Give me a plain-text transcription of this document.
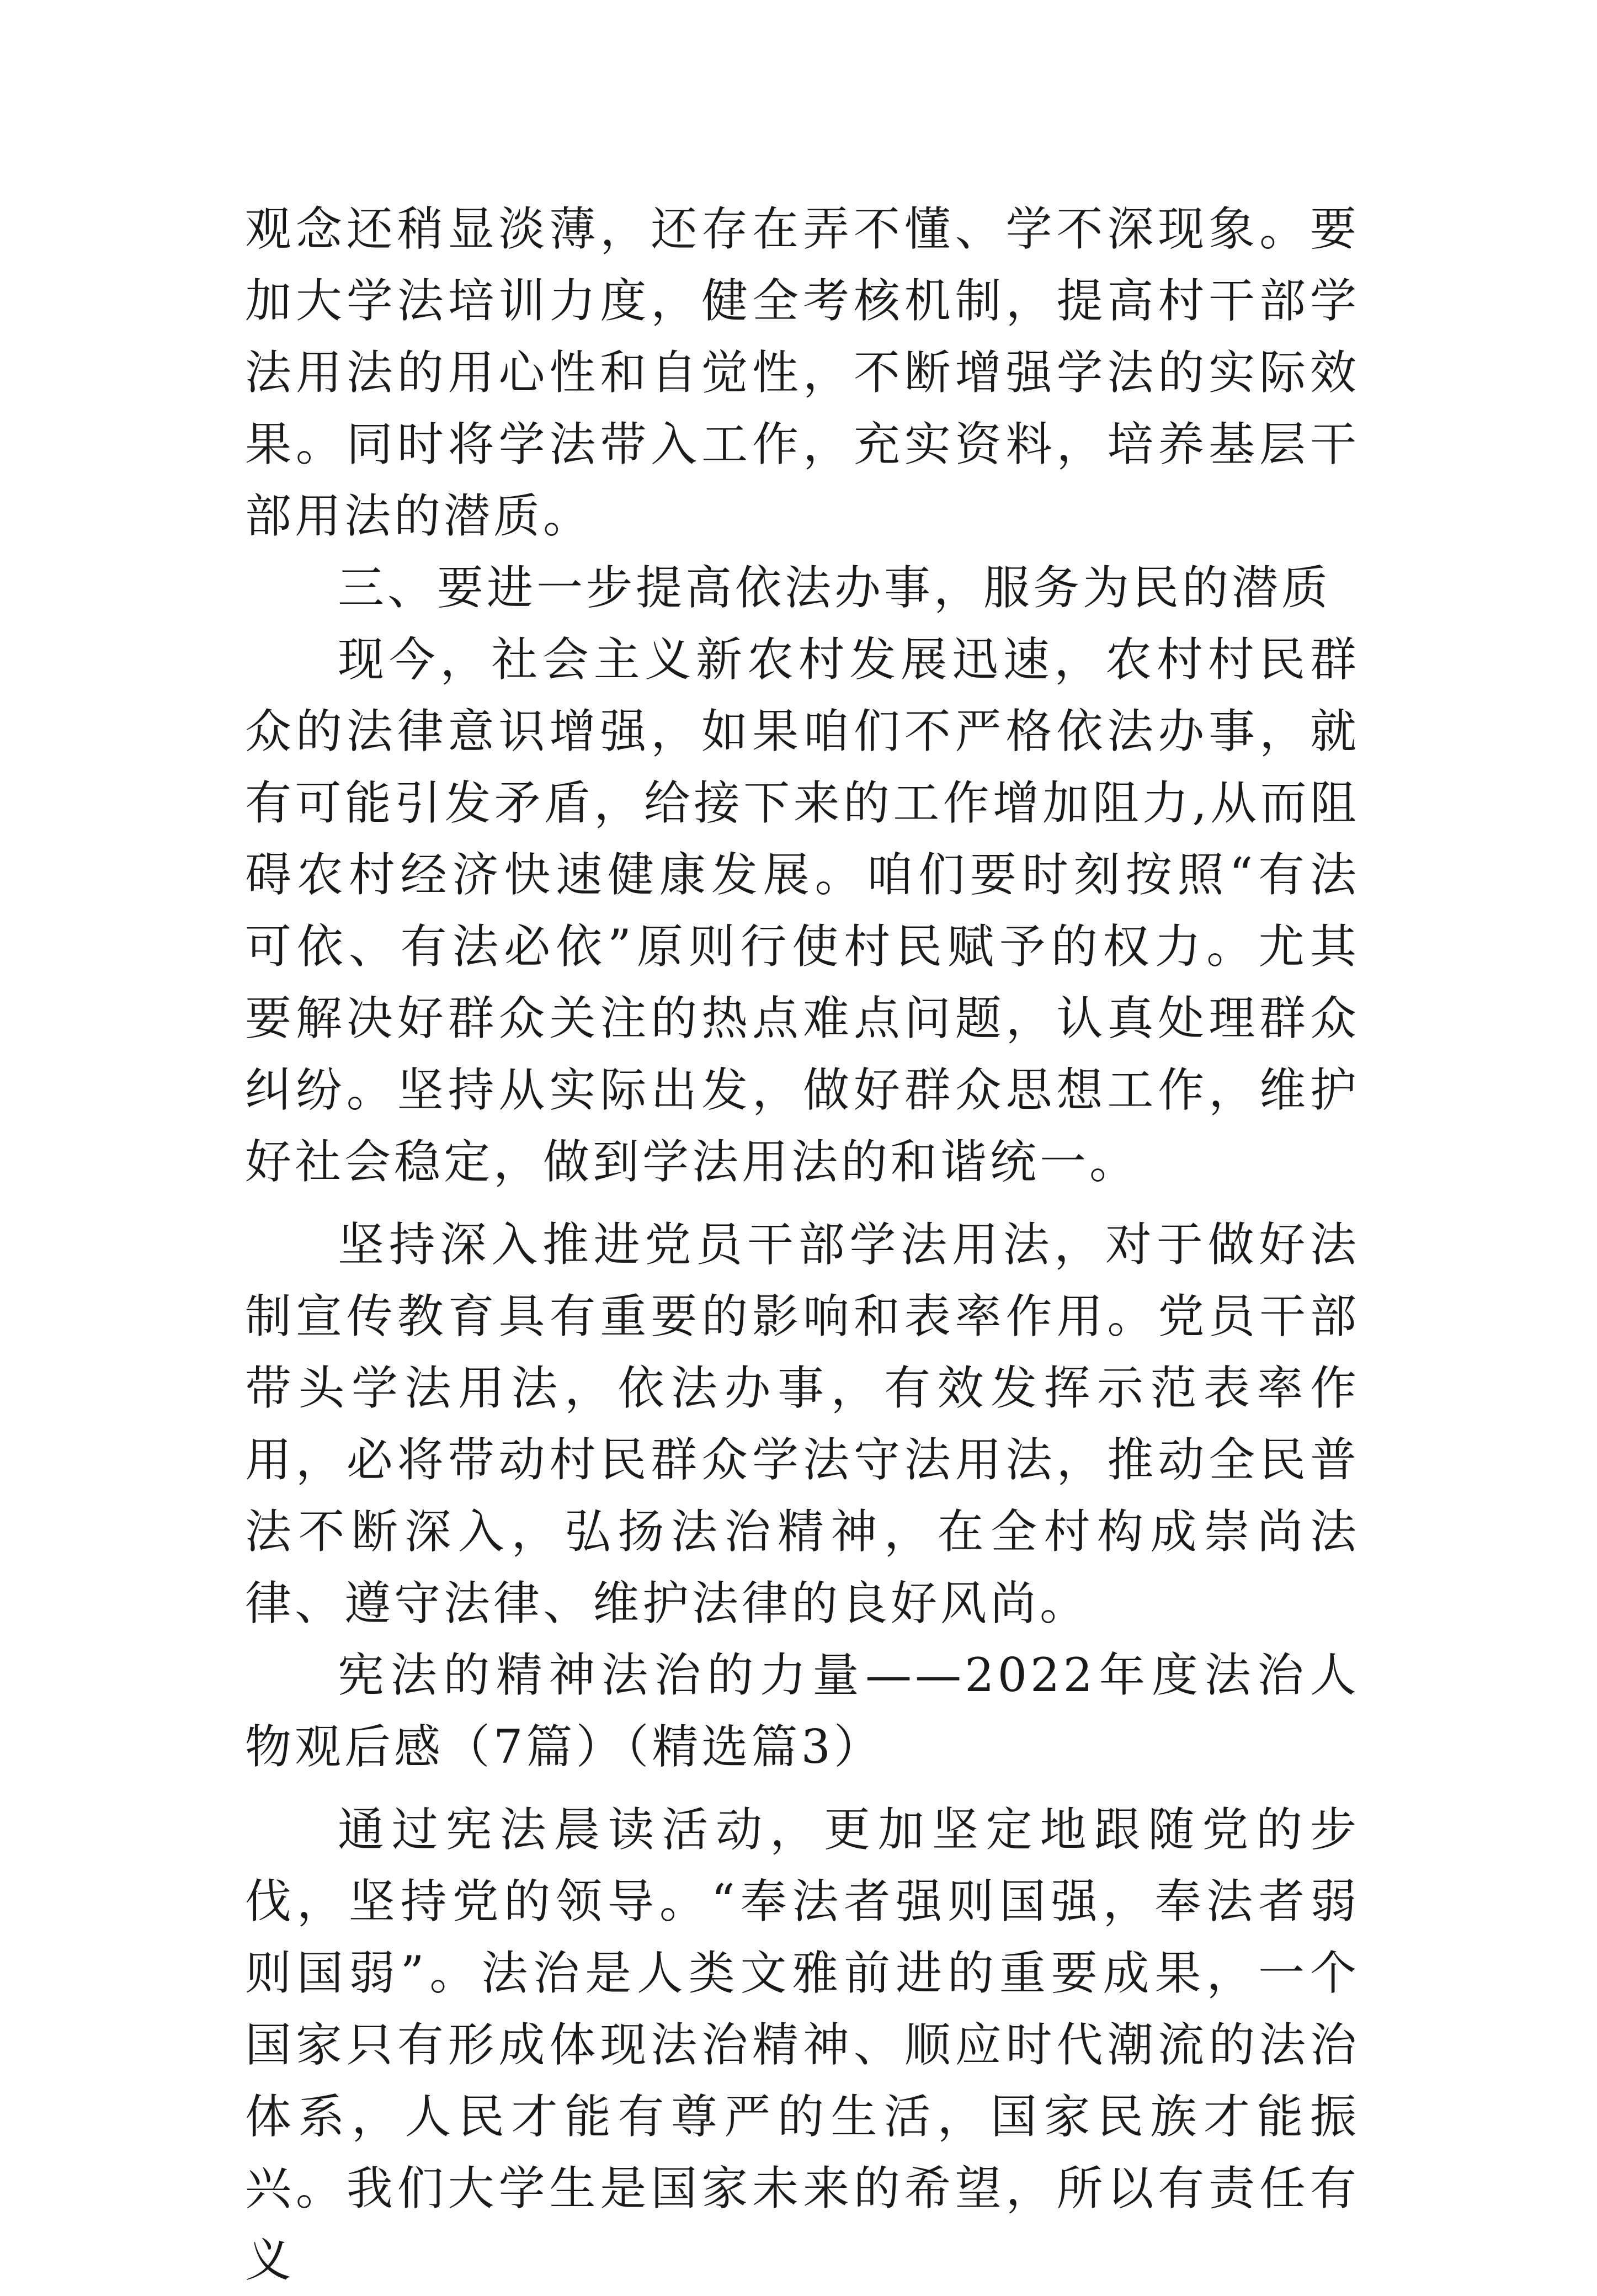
观念还稍显淡薄，还存在弄不懂、学不深现象。要加大学法培训力度，健全考核机制，提高村干部学法用法的用心性和自觉性，不断增强学法的实际效果。同时将学法带入工作，充实资料，培养基层干部用法的潜质。

三、要进一步提高依法办事，服务为民的潜质

现今，社会主义新农村发展迅速，农村村民群众的法律意识增强，如果咱们不严格依法办事，就有可能引发矛盾，给接下来的工作增加阻力,从而阻碍农村经济快速健康发展。咱们要时刻按照“有法可依、有法必依”原则行使村民赋予的权力。尤其要解决好群众关注的热点难点问题，认真处理群众纠纷。坚持从实际出发，做好群众思想工作，维护好社会稳定，做到学法用法的和谐统一。

坚持深入推进党员干部学法用法，对于做好法制宣传教育具有重要的影响和表率作用。党员干部带头学法用法，依法办事，有效发挥示范表率作用，必将带动村民群众学法守法用法，推动全民普法不断深入，弘扬法治精神，在全村构成崇尚法律、遵守法律、维护法律的良好风尚。

宪法的精神法治的力量——2022年度法治人物观后感（7篇）（精选篇3）

通过宪法晨读活动，更加坚定地跟随党的步伐，坚持党的领导。“奉法者强则国强，奉法者弱则国弱”。法治是人类文雅前进的重要成果，一个国家只有形成体现法治精神、顺应时代潮流的法治体系，人民才能有尊严的生活，国家民族才能振兴。我们大学生是国家未来的希望，所以有责任有义
